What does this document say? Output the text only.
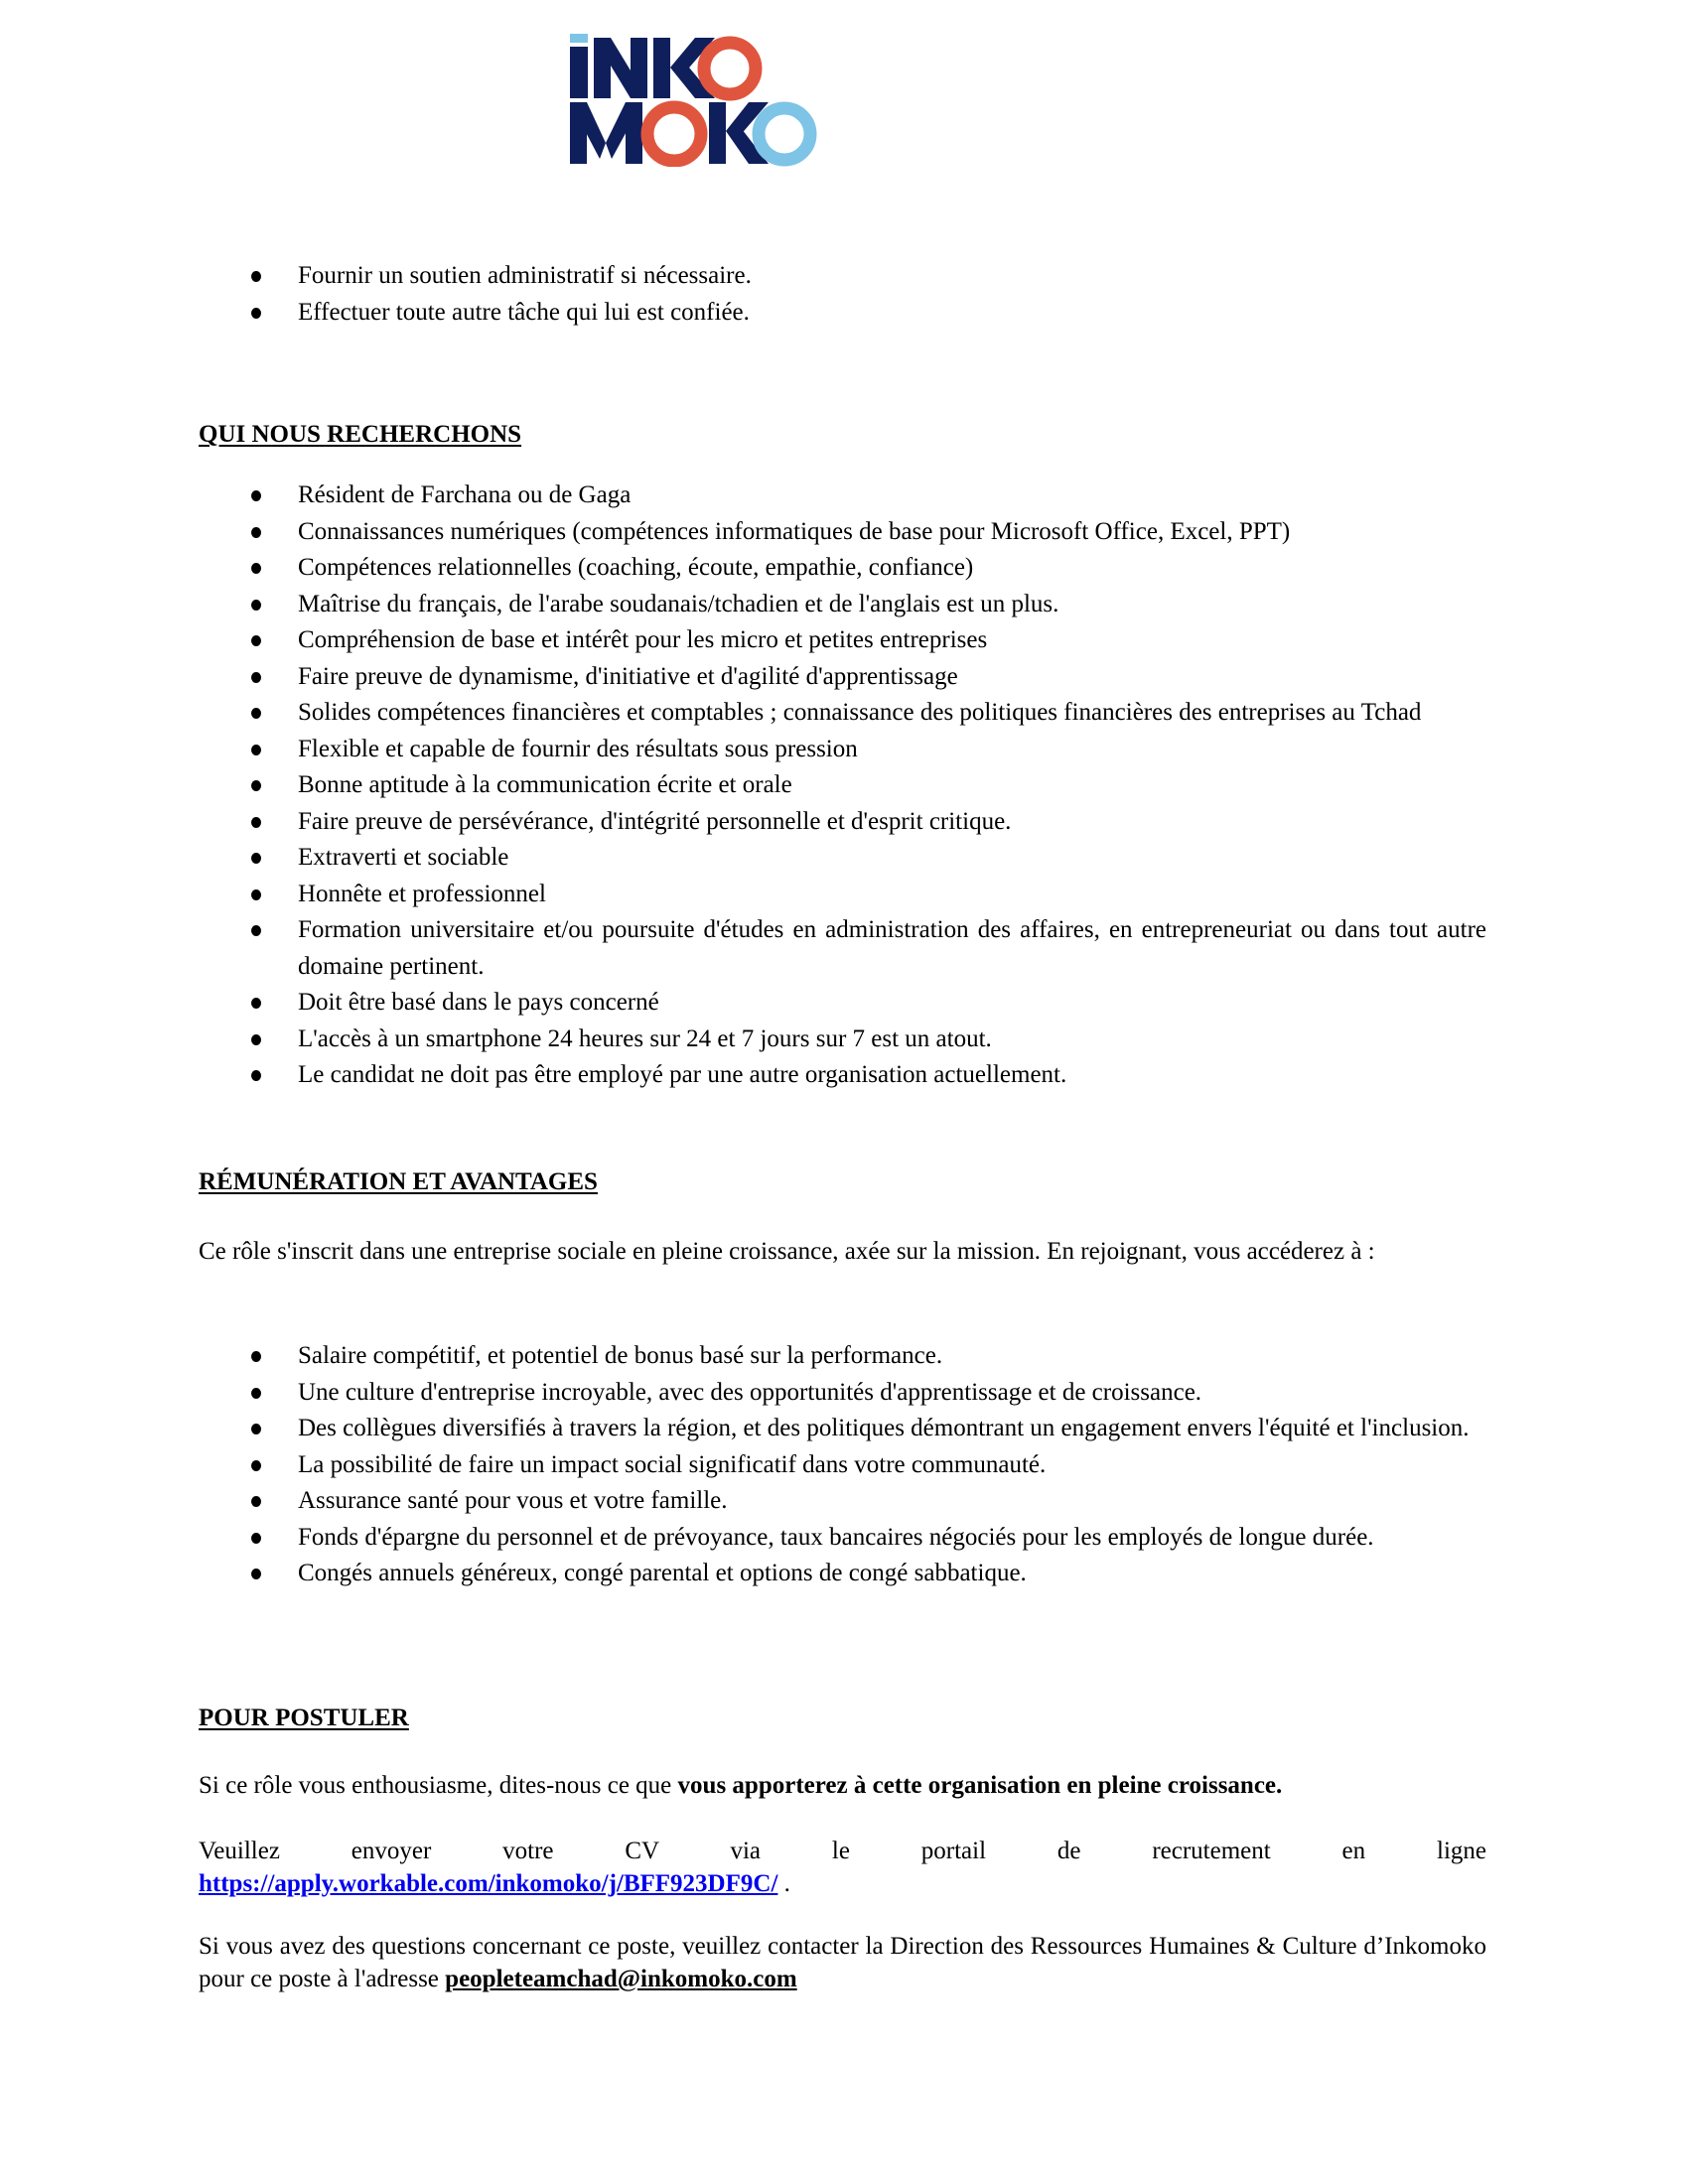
Fournir un soutien administratif si nécessaire.
Effectuer toute autre tâche qui lui est confiée.
QUI NOUS RECHERCHONS
Résident de Farchana ou de Gaga
Connaissances numériques (compétences informatiques de base pour Microsoft Office, Excel, PPT)
Compétences relationnelles (coaching, écoute, empathie, confiance)
Maîtrise du français, de l'arabe soudanais/tchadien et de l'anglais est un plus.
Compréhension de base et intérêt pour les micro et petites entreprises
Faire preuve de dynamisme, d'initiative et d'agilité d'apprentissage
Solides compétences financières et comptables ; connaissance des politiques financières des entreprises au Tchad
Flexible et capable de fournir des résultats sous pression
Bonne aptitude à la communication écrite et orale
Faire preuve de persévérance, d'intégrité personnelle et d'esprit critique.
Extraverti et sociable
Honnête et professionnel
Formation universitaire et/ou poursuite d'études en administration des affaires, en entrepreneuriat ou dans tout autre domaine pertinent.
Doit être basé dans le pays concerné
L'accès à un smartphone 24 heures sur 24 et 7 jours sur 7 est un atout.
Le candidat ne doit pas être employé par une autre organisation actuellement.
RÉMUNÉRATION ET AVANTAGES

Ce rôle s'inscrit dans une entreprise sociale en pleine croissance, axée sur la mission. En rejoignant, vous accéderez à :

Salaire compétitif, et potentiel de bonus basé sur la performance.
Une culture d'entreprise incroyable, avec des opportunités d'apprentissage et de croissance.
Des collègues diversifiés à travers la région, et des politiques démontrant un engagement envers l'équité et l'inclusion.
La possibilité de faire un impact social significatif dans votre communauté.
Assurance santé pour vous et votre famille.
Fonds d'épargne du personnel et de prévoyance, taux bancaires négociés pour les employés de longue durée.
Congés annuels généreux, congé parental et options de congé sabbatique.
POUR POSTULER

Si ce rôle vous enthousiasme, dites-nous ce que vous apporterez à cette organisation en pleine croissance.

Veuillez envoyer votre CV via le portail de recrutement en ligne

https://apply.workable.com/inkomoko/j/BFF923DF9C/ .

Si vous avez des questions concernant ce poste, veuillez contacter la Direction des Ressources Humaines & Culture d’Inkomoko pour ce poste à l'adresse peopleteamchad@inkomoko.com
